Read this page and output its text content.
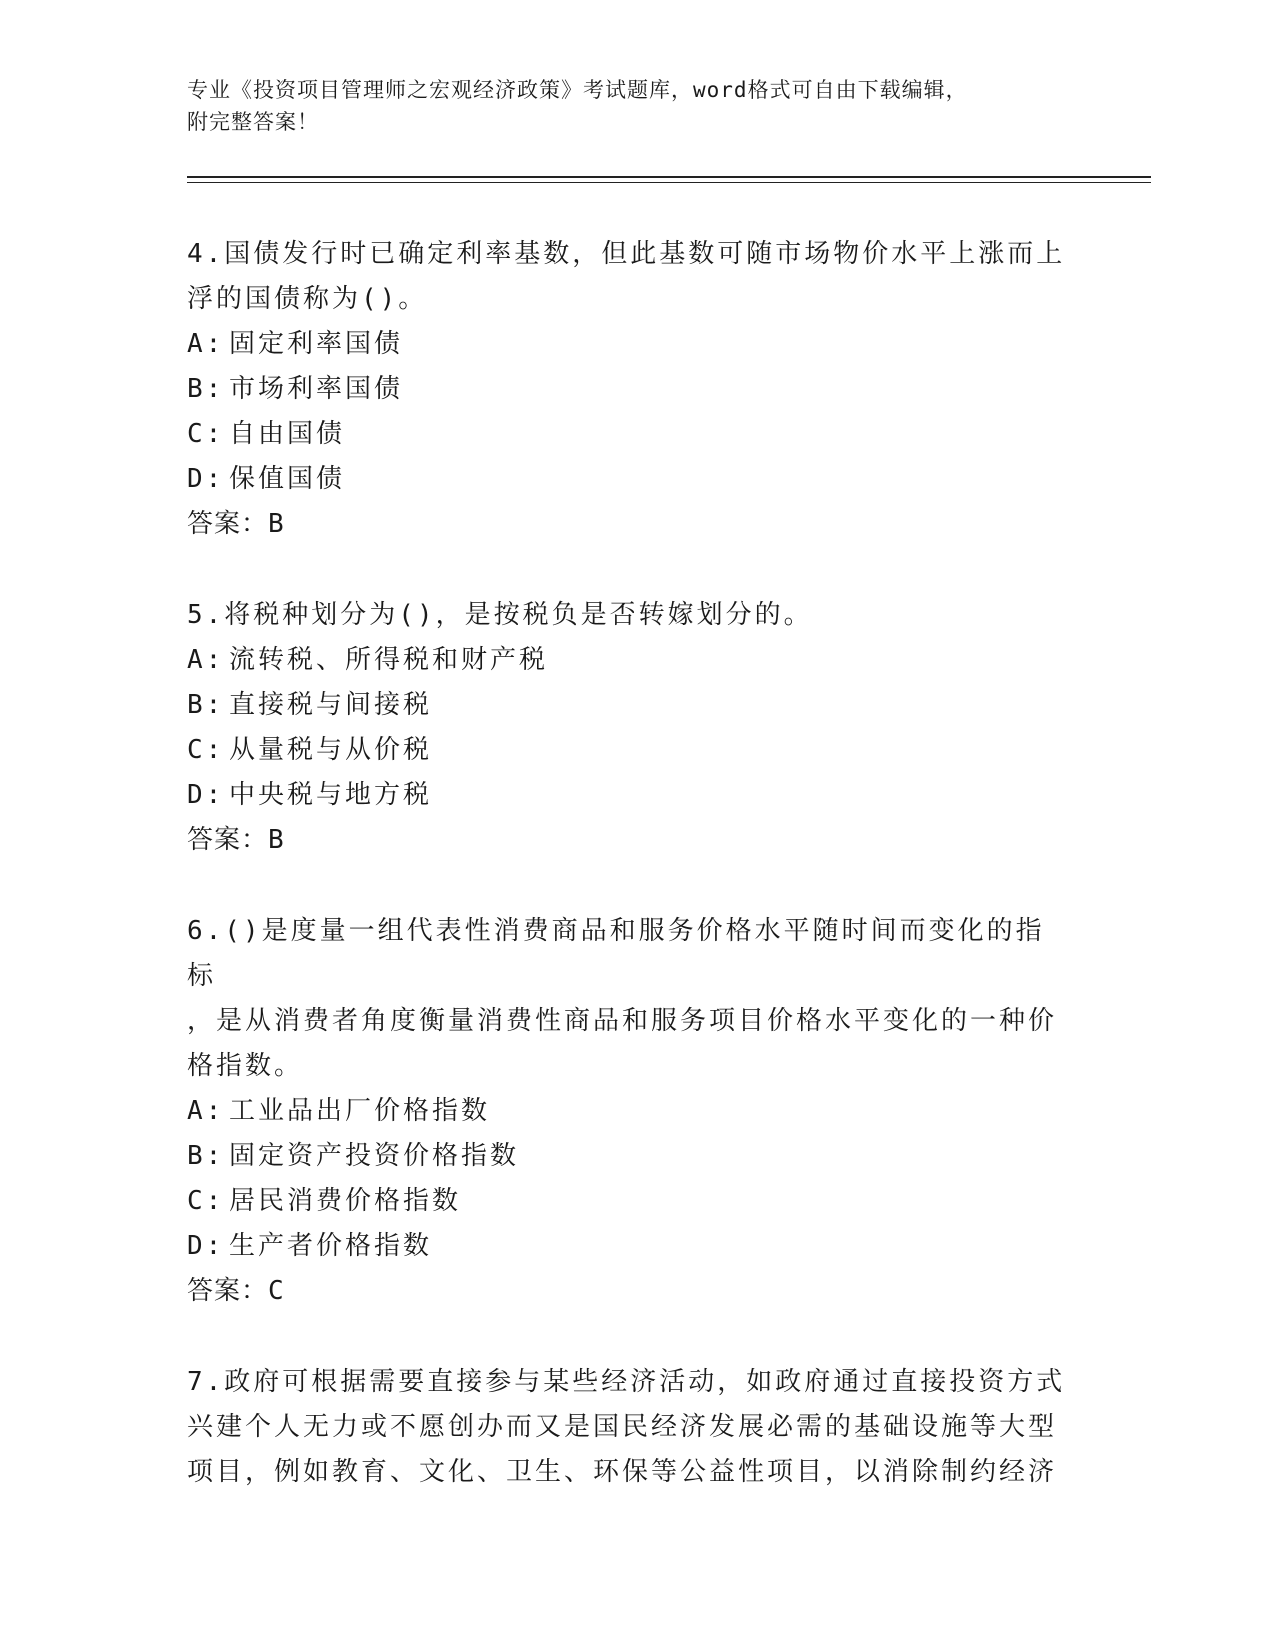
专业《投资项目管理师之宏观经济政策》考试题库，word格式可自由下载编辑，
附完整答案！
4.国债发行时已确定利率基数，但此基数可随市场物价水平上涨而上
浮的国债称为()。
A: 固定利率国债
B: 市场利率国债
C: 自由国债
D: 保值国债
答案：B
5.将税种划分为()，是按税负是否转嫁划分的。
A: 流转税、所得税和财产税
B: 直接税与间接税
C: 从量税与从价税
D: 中央税与地方税
答案：B
6.()是度量一组代表性消费商品和服务价格水平随时间而变化的指标
，是从消费者角度衡量消费性商品和服务项目价格水平变化的一种价
格指数。
A: 工业品出厂价格指数
B: 固定资产投资价格指数
C: 居民消费价格指数
D: 生产者价格指数
答案：C
7.政府可根据需要直接参与某些经济活动，如政府通过直接投资方式
兴建个人无力或不愿创办而又是国民经济发展必需的基础设施等大型
项目，例如教育、文化、卫生、环保等公益性项目，以消除制约经济
